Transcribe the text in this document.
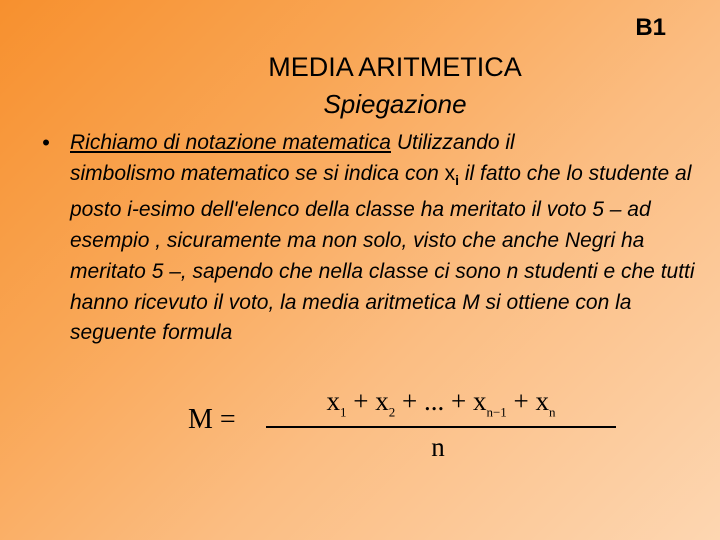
B1
MEDIA ARITMETICA
Spiegazione
• Richiamo di notazione matematica Utilizzando il
simbolismo matematico se si indica con $x_i$ il fatto che lo studente al posto i-esimo dell'elenco della classe ha meritato il voto 5 – ad esempio , sicuramente ma non solo, visto che anche Negri ha meritato 5 –, sapendo che nella classe ci sono n studenti e che tutti hanno ricevuto il voto, la media aritmetica M si ottiene con la seguente formula
M =
$x_1 + x_2$ + ... + $x_{n-1} + x_n$
n
